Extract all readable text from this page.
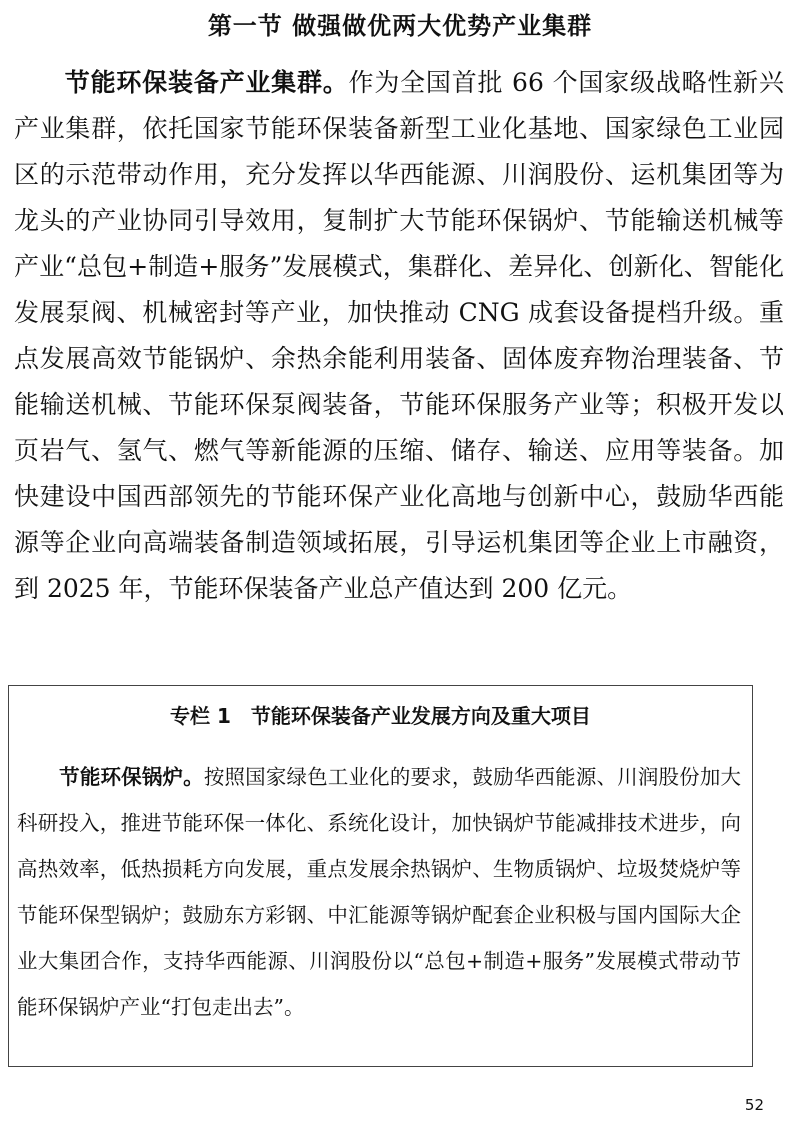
第一节 做强做优两大优势产业集群

节能环保装备产业集群。作为全国首批 66 个国家级战略性新兴产业集群，依托国家节能环保装备新型工业化基地、国家绿色工业园区的示范带动作用，充分发挥以华西能源、川润股份、运机集团等为龙头的产业协同引导效用，复制扩大节能环保锅炉、节能输送机械等产业“总包+制造+服务”发展模式，集群化、差异化、创新化、智能化发展泵阀、机械密封等产业，加快推动 CNG 成套设备提档升级。重点发展高效节能锅炉、余热余能利用装备、固体废弃物治理装备、节能输送机械、节能环保泵阀装备，节能环保服务产业等；积极开发以页岩气、氢气、燃气等新能源的压缩、储存、输送、应用等装备。加快建设中国西部领先的节能环保产业化高地与创新中心，鼓励华西能源等企业向高端装备制造领域拓展，引导运机集团等企业上市融资，到 2025 年，节能环保装备产业总产值达到 200 亿元。

专栏 1　节能环保装备产业发展方向及重大项目

节能环保锅炉。按照国家绿色工业化的要求，鼓励华西能源、川润股份加大科研投入，推进节能环保一体化、系统化设计，加快锅炉节能减排技术进步，向高热效率，低热损耗方向发展，重点发展余热锅炉、生物质锅炉、垃圾焚烧炉等节能环保型锅炉；鼓励东方彩钢、中汇能源等锅炉配套企业积极与国内国际大企业大集团合作，支持华西能源、川润股份以“总包+制造+服务”发展模式带动节能环保锅炉产业“打包走出去”。

52
